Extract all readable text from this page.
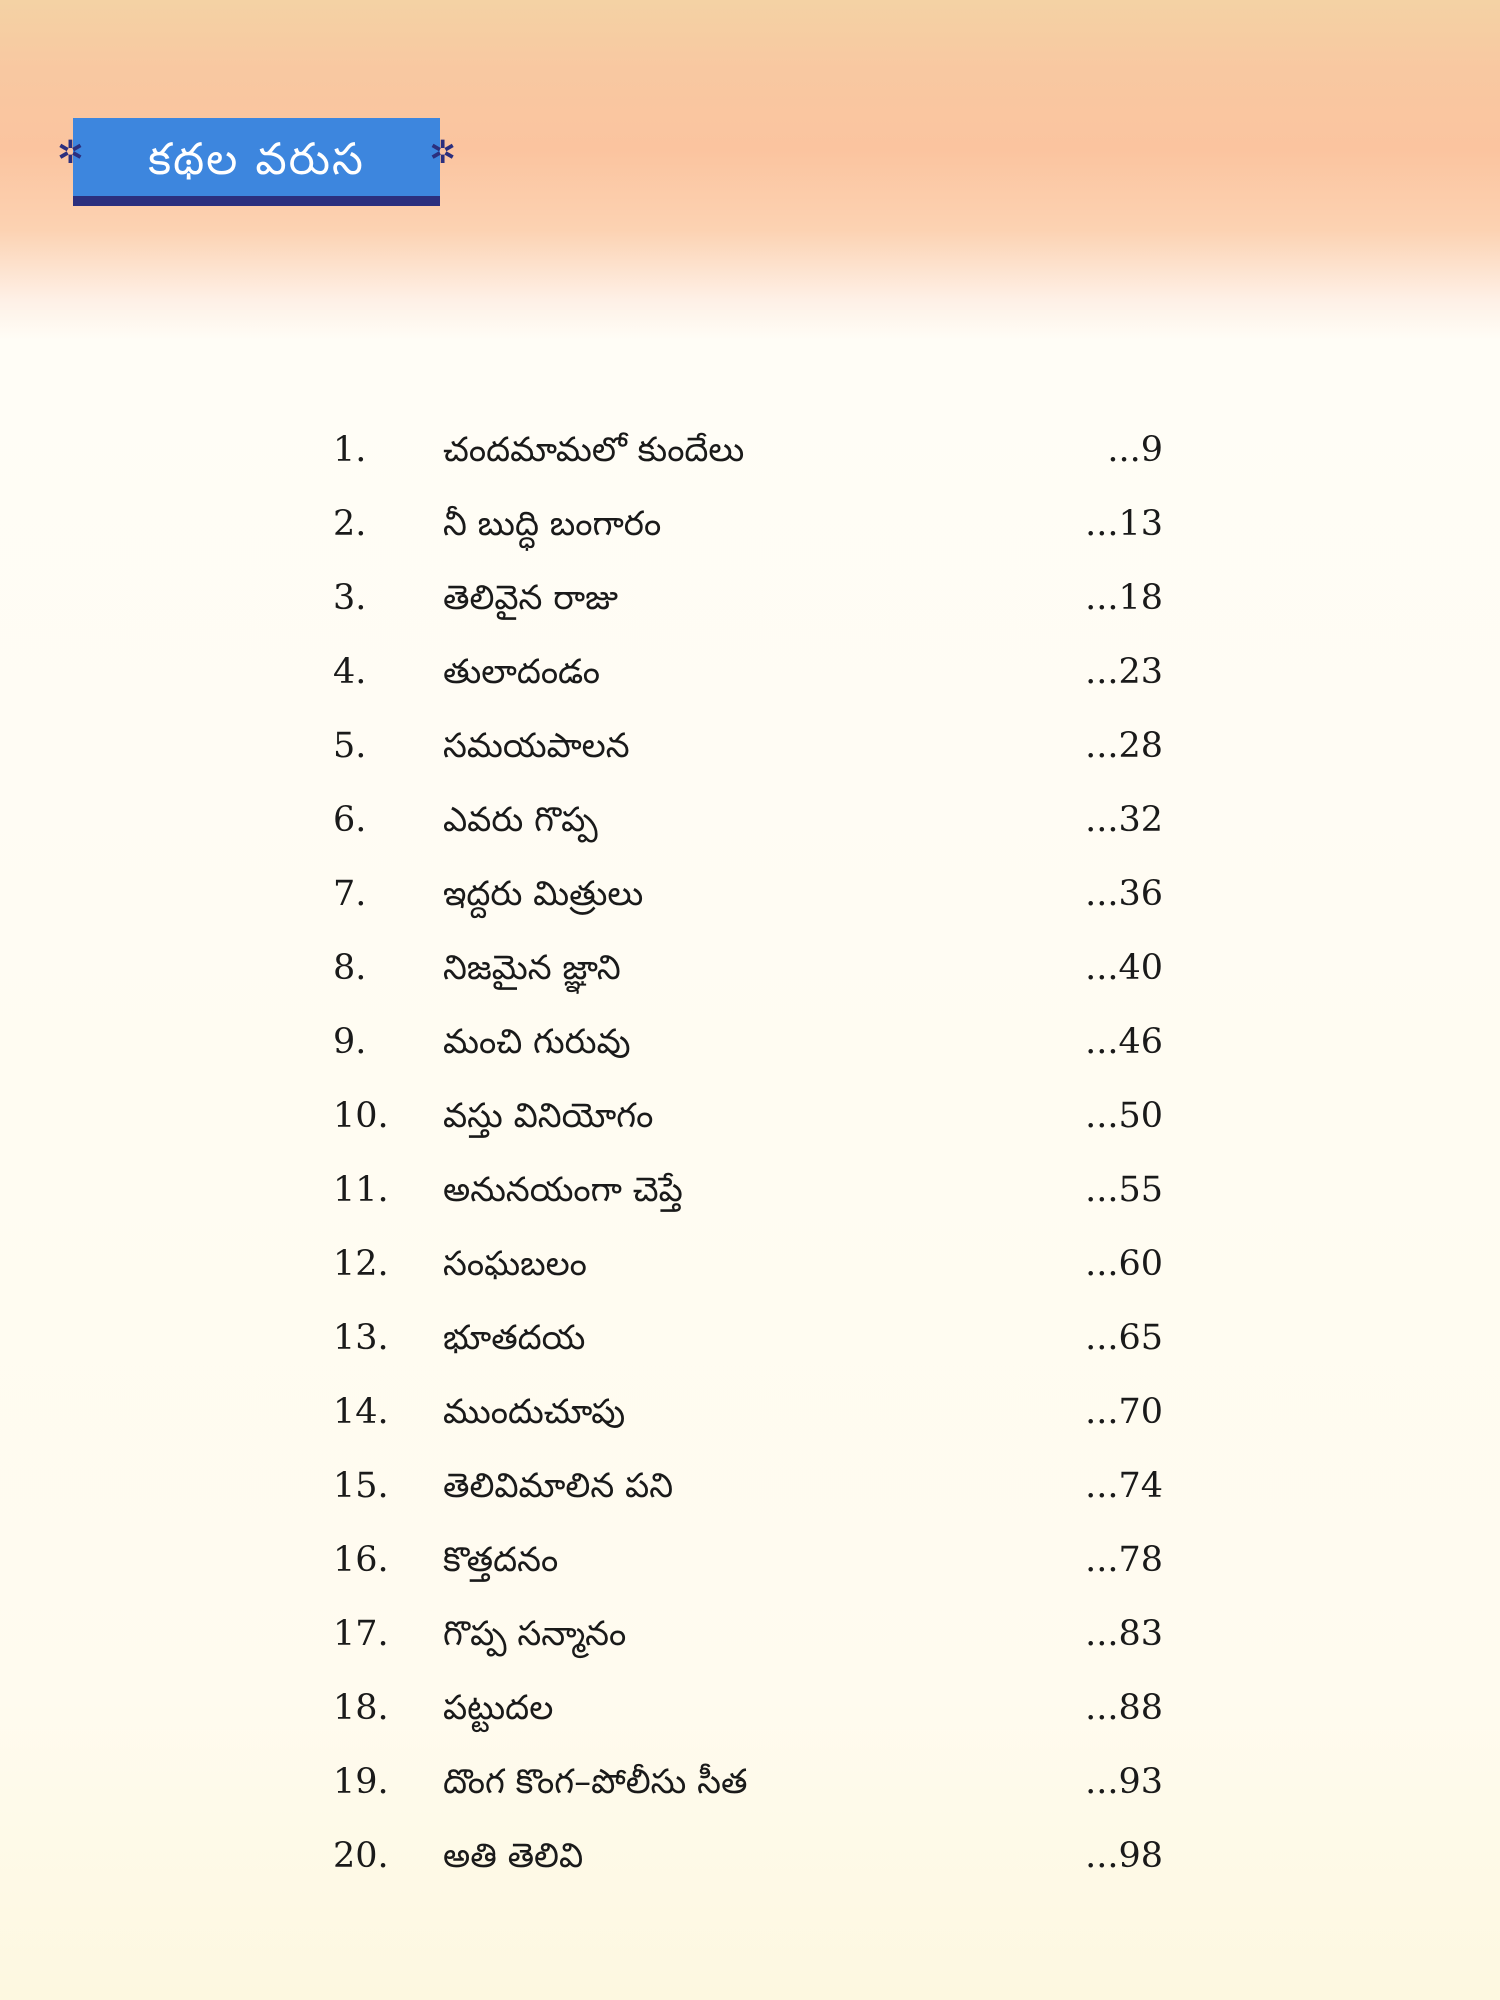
✲	కథల వరుస	✲
1.	చందమామలో కుందేలు	...9
2.	నీ బుద్ధి బంగారం	...13
3.	తెలివైన రాజు	...18
4.	తులాదండం	...23
5.	సమయపాలన	...28
6.	ఎవరు గొప్ప	...32
7.	ఇద్దరు మిత్రులు	...36
8.	నిజమైన జ్ఞాని	...40
9.	మంచి గురువు	...46
10.	వస్తు వినియోగం	...50
11.	అనునయంగా చెప్తే	...55
12.	సంఘబలం	...60
13.	భూతదయ	...65
14.	ముందుచూపు	...70
15.	తెలివిమాలిన పని	...74
16.	కొత్తదనం	...78
17.	గొప్ప సన్మానం	...83
18.	పట్టుదల	...88
19.	దొంగ కొంగ–పోలీసు సీత	...93
20.	అతి తెలివి	...98
